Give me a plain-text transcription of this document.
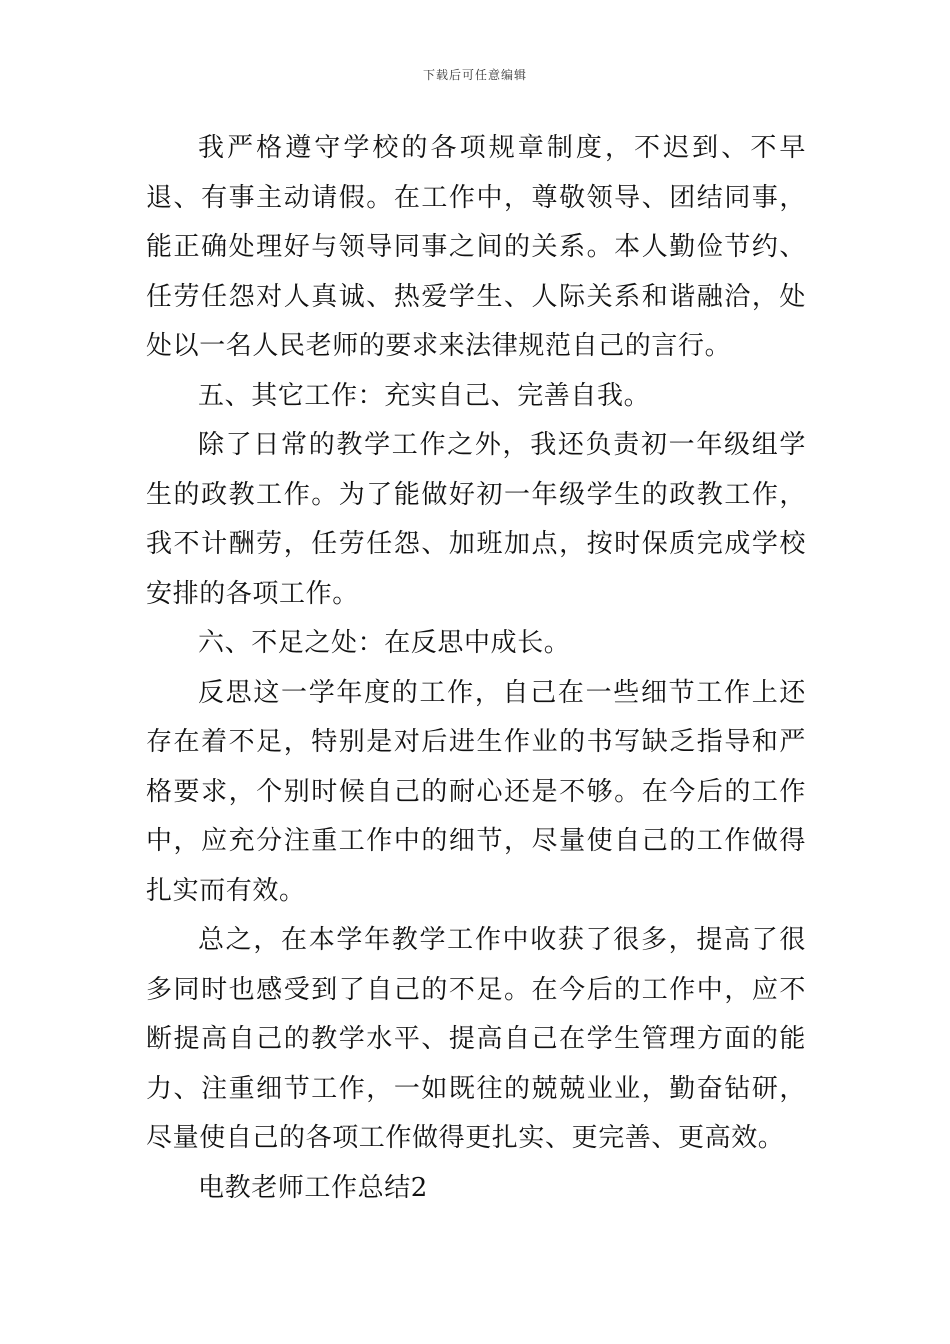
下载后可任意编辑

我严格遵守学校的各项规章制度，不迟到、不早退、有事主动请假。在工作中，尊敬领导、团结同事，能正确处理好与领导同事之间的关系。本人勤俭节约、任劳任怨对人真诚、热爱学生、人际关系和谐融洽，处处以一名人民老师的要求来法律规范自己的言行。

五、其它工作：充实自己、完善自我。

除了日常的教学工作之外，我还负责初一年级组学生的政教工作。为了能做好初一年级学生的政教工作，我不计酬劳，任劳任怨、加班加点，按时保质完成学校安排的各项工作。

六、不足之处：在反思中成长。

反思这一学年度的工作，自己在一些细节工作上还存在着不足，特别是对后进生作业的书写缺乏指导和严格要求，个别时候自己的耐心还是不够。在今后的工作中，应充分注重工作中的细节，尽量使自己的工作做得扎实而有效。

总之，在本学年教学工作中收获了很多，提高了很多同时也感受到了自己的不足。在今后的工作中，应不断提高自己的教学水平、提高自己在学生管理方面的能力、注重细节工作，一如既往的兢兢业业，勤奋钻研，尽量使自己的各项工作做得更扎实、更完善、更高效。

电教老师工作总结2
